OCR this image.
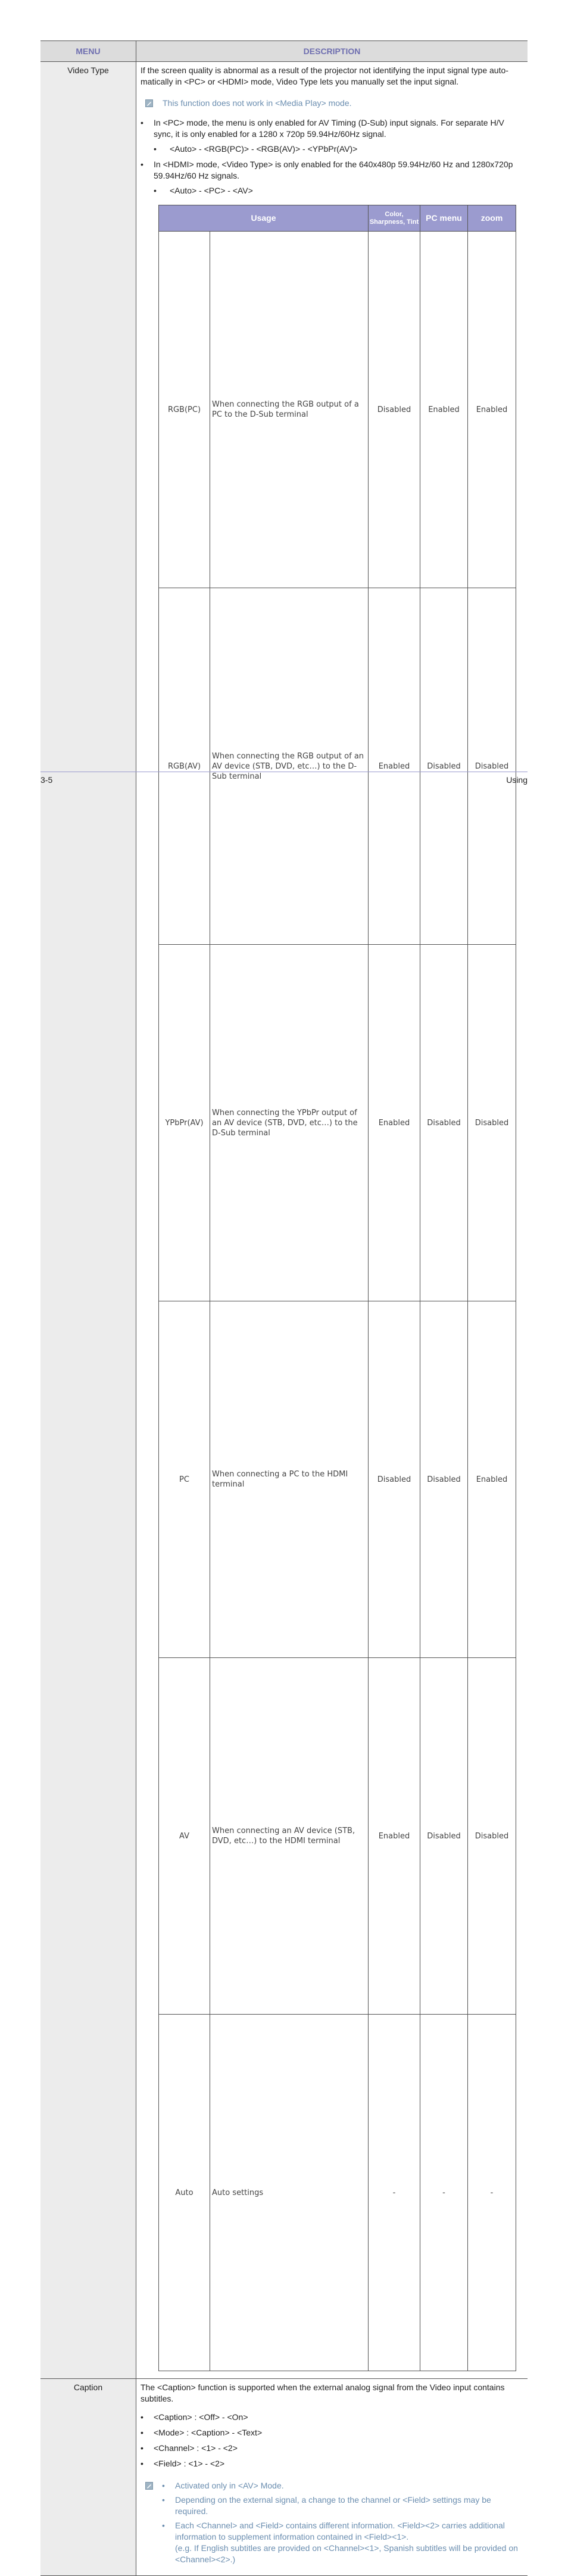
MENU	DESCRIPTION
Video Type	If the screen quality is abnormal as a result of the projector not identifying the input signal type auto-matically in <PC> or <HDMI> mode, Video Type lets you manually set the input signal.

This function does not work in <Media Play> mode.
• In <PC> mode, the menu is only enabled for AV Timing (D-Sub) input signals. For separate H/V sync, it is only enabled for a 1280 x 720p 59.94Hz/60Hz signal.
• <Auto> - <RGB(PC)> - <RGB(AV)> - <YPbPr(AV)>
• In <HDMI> mode, <Video Type> is only enabled for the 640x480p 59.94Hz/60 Hz and 1280x720p 59.94Hz/60 Hz signals.
• <Auto> - <PC> - <AV>
Usage	Color, Sharpness, Tint	PC menu	zoom
RGB(PC)	When connecting the RGB output of a PC to the D-Sub terminal	Disabled	Enabled	Enabled
RGB(AV)	When connecting the RGB output of an AV device (STB, DVD, etc…) to the D-Sub terminal	Enabled	Disabled	Disabled
YPbPr(AV)	When connecting the YPbPr output of an AV device (STB, DVD, etc…) to the D-Sub terminal	Enabled	Disabled	Disabled
PC	When connecting a PC to the HDMI terminal	Disabled	Disabled	Enabled
AV	When connecting an AV device (STB, DVD, etc…) to the HDMI terminal	Enabled	Disabled	Disabled
Auto	Auto settings	-	-	-

Caption	The <Caption> function is supported when the external analog signal from the Video input contains subtitles.

• <Caption> : <Off> - <On>
• <Mode> : <Caption> - <Text>
• <Channel> : <1> - <2>
• <Field> : <1> - <2>
• Activated only in <AV> Mode.
• Depending on the external signal, a change to the channel or <Field> settings may be required.
• Each <Channel> and <Field> contains different information. <Field><2> carries additional information to supplement information contained in <Field><1>.
(e.g. If English subtitles are provided on <Channel><1>, Spanish subtitles will be provided on <Channel><2>.)
3-5	Using
